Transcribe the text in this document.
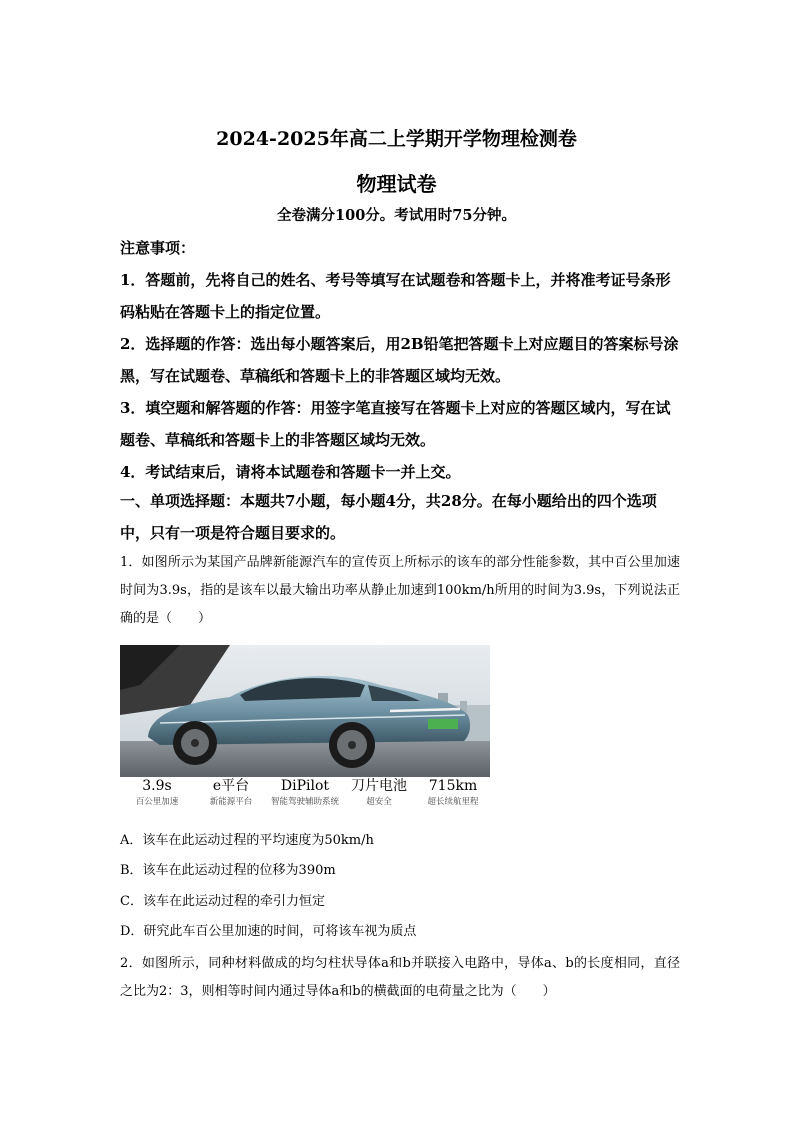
2024-2025年高二上学期开学物理检测卷
物理试卷
全卷满分100分。考试用时75分钟。
注意事项：
1．答题前，先将自己的姓名、考号等填写在试题卷和答题卡上，并将准考证号条形码粘贴在答题卡上的指定位置。
2．选择题的作答：选出每小题答案后，用2B铅笔把答题卡上对应题目的答案标号涂黑，写在试题卷、草稿纸和答题卡上的非答题区域均无效。
3．填空题和解答题的作答：用签字笔直接写在答题卡上对应的答题区域内，写在试题卷、草稿纸和答题卡上的非答题区域均无效。
4．考试结束后，请将本试题卷和答题卡一并上交。
一、单项选择题：本题共7小题，每小题4分，共28分。在每小题给出的四个选项中，只有一项是符合题目要求的。
1．如图所示为某国产品牌新能源汽车的宣传页上所标示的该车的部分性能参数，其中百公里加速时间为3.9s，指的是该车以最大输出功率从静止加速到100km/h所用的时间为3.9s，下列说法正确的是（　　）
3.9s
百公里加速
e平台
新能源平台
DiPilot
智能驾驶辅助系统
刀片电池
超安全
715km
超长续航里程
A．该车在此运动过程的平均速度为50km/h
B．该车在此运动过程的位移为390m
C．该车在此运动过程的牵引力恒定
D．研究此车百公里加速的时间，可将该车视为质点
2．如图所示，同种材料做成的均匀柱状导体a和b并联接入电路中，导体a、b的长度相同，直径之比为2：3，则相等时间内通过导体a和b的横截面的电荷量之比为（　　）
